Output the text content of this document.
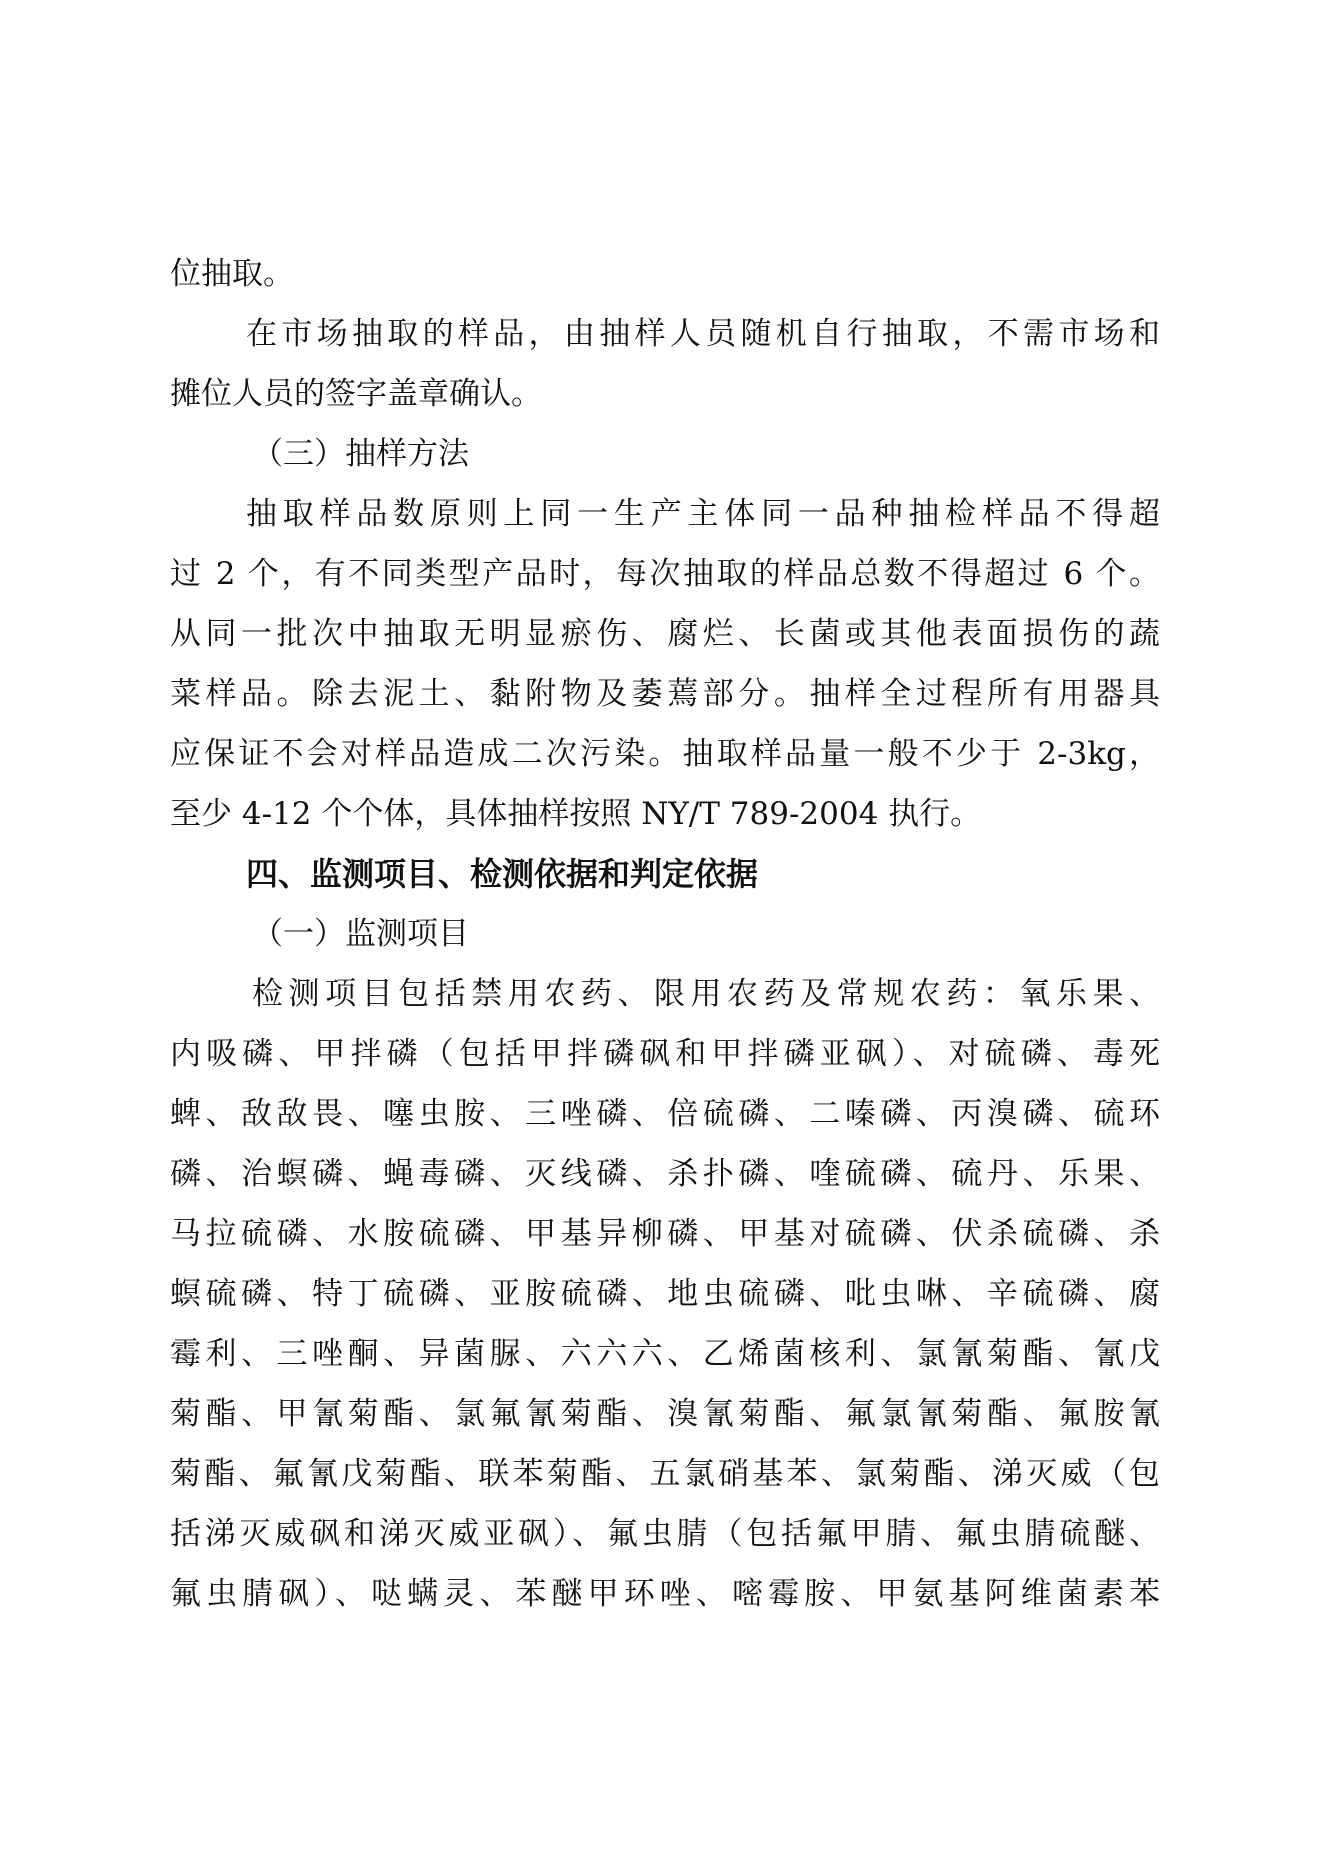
位抽取。
在市场抽取的样品，由抽样人员随机自行抽取，不需市场和
摊位人员的签字盖章确认。
（三）抽样方法
抽取样品数原则上同一生产主体同一品种抽检样品不得超
过 2 个，有不同类型产品时，每次抽取的样品总数不得超过 6 个。
从同一批次中抽取无明显瘀伤、腐烂、长菌或其他表面损伤的蔬
菜样品。除去泥土、黏附物及萎蔫部分。抽样全过程所有用器具
应保证不会对样品造成二次污染。抽取样品量一般不少于 2-3kg，
至少 4-12 个个体，具体抽样按照 NY/T 789-2004 执行。
四、监测项目、检测依据和判定依据
（一）监测项目
检测项目包括禁用农药、限用农药及常规农药：氧乐果、
内吸磷、甲拌磷（包括甲拌磷砜和甲拌磷亚砜）、对硫磷、毒死
蜱、敌敌畏、噻虫胺、三唑磷、倍硫磷、二嗪磷、丙溴磷、硫环
磷、治螟磷、蝇毒磷、灭线磷、杀扑磷、喹硫磷、硫丹、乐果、
马拉硫磷、水胺硫磷、甲基异柳磷、甲基对硫磷、伏杀硫磷、杀
螟硫磷、特丁硫磷、亚胺硫磷、地虫硫磷、吡虫啉、辛硫磷、腐
霉利、三唑酮、异菌脲、六六六、乙烯菌核利、氯氰菊酯、氰戊
菊酯、甲氰菊酯、氯氟氰菊酯、溴氰菊酯、氟氯氰菊酯、氟胺氰
菊酯、氟氰戊菊酯、联苯菊酯、五氯硝基苯、氯菊酯、涕灭威（包
括涕灭威砜和涕灭威亚砜）、氟虫腈（包括氟甲腈、氟虫腈硫醚、
氟虫腈砜）、哒螨灵、苯醚甲环唑、嘧霉胺、甲氨基阿维菌素苯
